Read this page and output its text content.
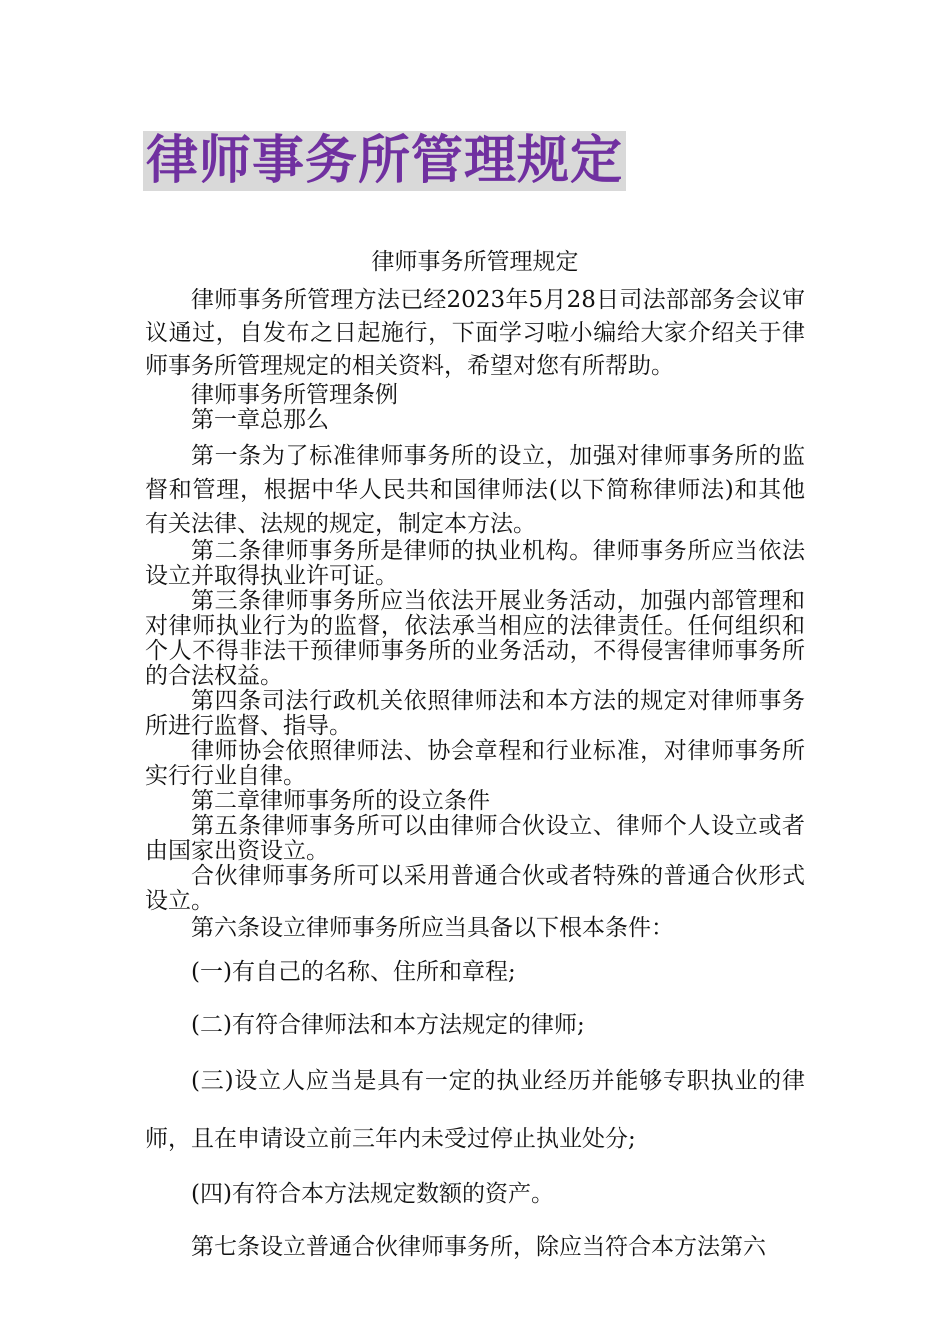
律师事务所管理规定
律师事务所管理规定

律师事务所管理方法已经2023年5月28日司法部部务会议审议通过，自发布之日起施行，下面学习啦小编给大家介绍关于律师事务所管理规定的相关资料，希望对您有所帮助。

律师事务所管理条例

第一章总那么

第一条为了标准律师事务所的设立，加强对律师事务所的监督和管理，根据中华人民共和国律师法(以下简称律师法)和其他有关法律、法规的规定，制定本方法。

第二条律师事务所是律师的执业机构。律师事务所应当依法设立并取得执业许可证。

第三条律师事务所应当依法开展业务活动，加强内部管理和对律师执业行为的监督，依法承当相应的法律责任。任何组织和个人不得非法干预律师事务所的业务活动，不得侵害律师事务所的合法权益。

第四条司法行政机关依照律师法和本方法的规定对律师事务所进行监督、指导。

律师协会依照律师法、协会章程和行业标准，对律师事务所实行行业自律。

第二章律师事务所的设立条件

第五条律师事务所可以由律师合伙设立、律师个人设立或者由国家出资设立。

合伙律师事务所可以采用普通合伙或者特殊的普通合伙形式设立。

第六条设立律师事务所应当具备以下根本条件：

(一)有自己的名称、住所和章程;

(二)有符合律师法和本方法规定的律师;

(三)设立人应当是具有一定的执业经历并能够专职执业的律师，且在申请设立前三年内未受过停止执业处分;

(四)有符合本方法规定数额的资产。

第七条设立普通合伙律师事务所，除应当符合本方法第六
